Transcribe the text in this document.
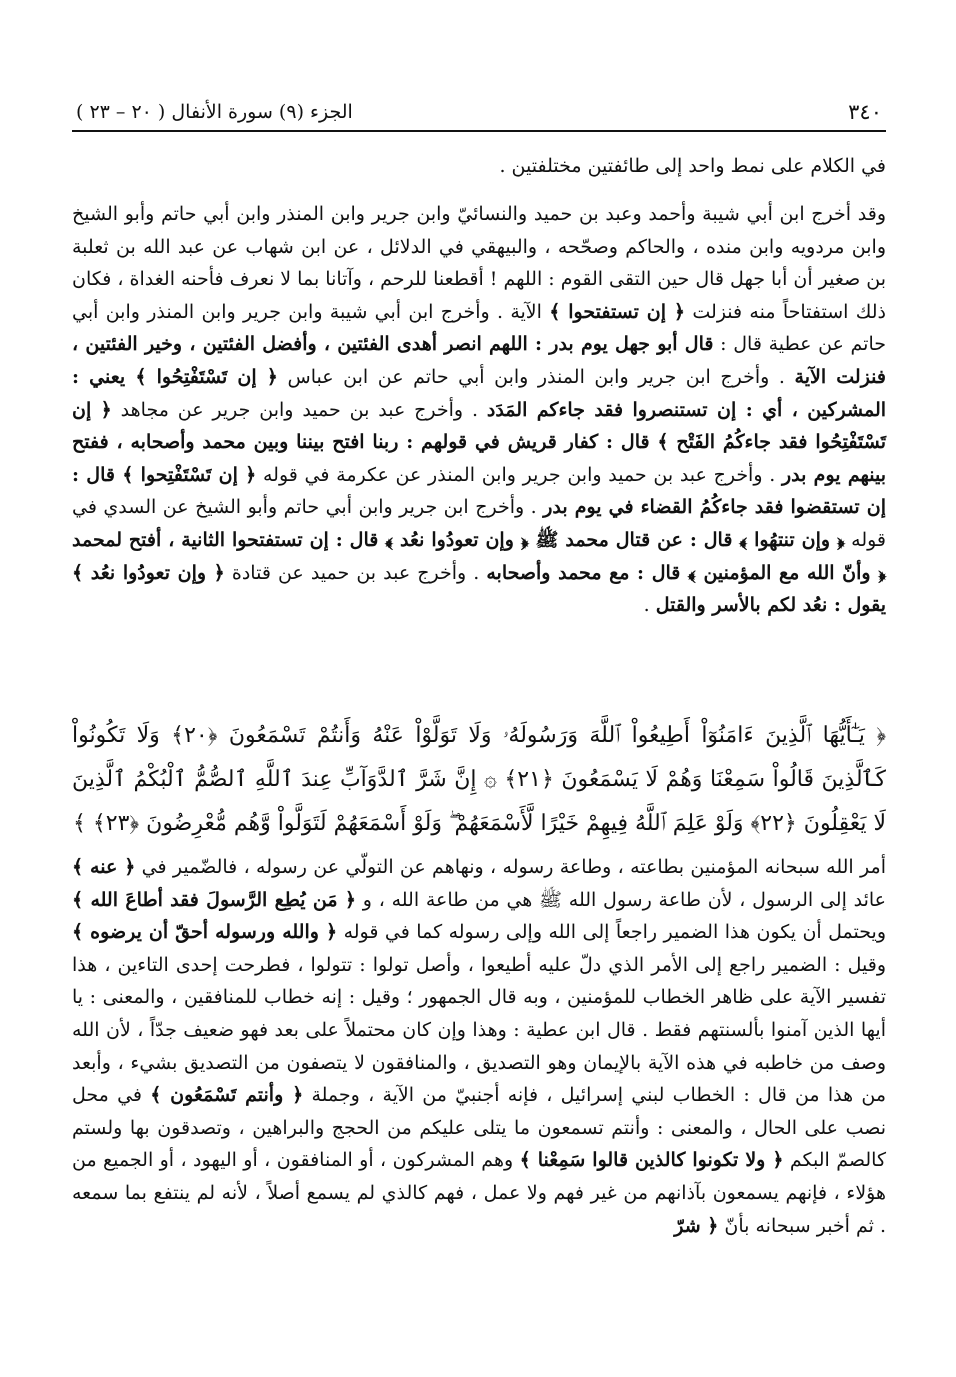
٣٤٠
الجزء (٩) سورة الأنفال ( ٢٠ – ٢٣ )

في الكلام على نمط واحد إلى طائفتين مختلفتين .

وقد أخرج ابن أبي شيبة وأحمد وعبد بن حميد والنسائيّ وابن جرير وابن المنذر وابن أبي حاتم وأبو الشيخ وابن مردويه وابن منده ، والحاكم وصحّحه ، والبيهقي في الدلائل ، عن ابن شهاب عن عبد الله بن ثعلبة بن صغير أن أبا جهل قال حين التقى القوم : اللهم ! أقطعنا للرحم ، وآتانا بما لا نعرف فأحنه الغداة ، فكان ذلك استفتاحاً منه فنزلت ﴿ إن تستفتحوا ﴾ الآية . وأخرج ابن أبي شيبة وابن جرير وابن المنذر وابن أبي حاتم عن عطية قال : قال أبو جهل يوم بدر : اللهم انصر أهدى الفئتين ، وأفضل الفئتين ، وخير الفئتين ، فنزلت الآية . وأخرج ابن جرير وابن المنذر وابن أبي حاتم عن ابن عباس ﴿ إن تَسْتَفْتِحُوا ﴾ يعني : المشركين ، أي : إن تستنصروا فقد جاءكم المَدَد . وأخرج عبد بن حميد وابن جرير عن مجاهد ﴿ إن تَسْتَفْتِحُوا فقد جاءكُمُ الفَتْح ﴾ قال : كفار قريش في قولهم : ربنا افتح بيننا وبين محمد وأصحابه ، ففتح بينهم يوم بدر . وأخرج عبد بن حميد وابن جرير وابن المنذر عن عكرمة في قوله ﴿ إن تَسْتَفْتِحوا ﴾ قال : إن تستقضوا فقد جاءكُمُ القضاء في يوم بدر . وأخرج ابن جرير وابن أبي حاتم وأبو الشيخ عن السدي في قوله ﴿ وإن تنتهُوا ﴾ قال : عن قتال محمد ﷺ ﴿ وإن تعودُوا نعُد ﴾ قال : إن تستفتحوا الثانية ، أفتح لمحمد ﴿ وأنّ الله مع المؤمنين ﴾ قال : مع محمد وأصحابه . وأخرج عبد بن حميد عن قتادة ﴿ وإن تعودُوا نعُد ﴾ يقول : نعُد لكم بالأسر والقتل .

﴿ يَـٰٓأَيُّهَا ٱلَّذِينَ ءَامَنُوٓاْ أَطِيعُواْ ٱللَّهَ وَرَسُولَهُۥ وَلَا تَوَلَّوْاْ عَنْهُ وَأَنتُمْ تَسْمَعُونَ ﴿٢٠﴾ وَلَا تَكُونُواْ كَٱلَّذِينَ قَالُواْ سَمِعْنَا وَهُمْ لَا يَسْمَعُونَ ﴿٢١﴾ ۞ إِنَّ شَرَّ ٱلدَّوَآبِّ عِندَ ٱللَّهِ ٱلصُّمُّ ٱلْبُكْمُ ٱلَّذِينَ لَا يَعْقِلُونَ ﴿٢٢﴾ وَلَوْ عَلِمَ ٱللَّهُ فِيهِمْ خَيْرًا لَّأَسْمَعَهُمْ ۖ وَلَوْ أَسْمَعَهُمْ لَتَوَلَّواْ وَّهُم مُّعْرِضُونَ ﴿٢٣﴾ ﴾

أمر الله سبحانه المؤمنين بطاعته ، وطاعة رسوله ، ونهاهم عن التولّي عن رسوله ، فالضّمير في ﴿ عنه ﴾ عائد إلى الرسول ، لأن طاعة رسول الله ﷺ هي من طاعة الله ، و ﴿ مَن يُطِع الرَّسولَ فقد أطاعَ الله ﴾ ويحتمل أن يكون هذا الضمير راجعاً إلى الله وإلى رسوله كما في قوله ﴿ والله ورسوله أحقّ أن يرضوه ﴾ وقيل : الضمير راجع إلى الأمر الذي دلّ عليه أطيعوا ، وأصل تولوا : تتولوا ، فطرحت إحدى التاءين ، هذا تفسير الآية على ظاهر الخطاب للمؤمنين ، وبه قال الجمهور ؛ وقيل : إنه خطاب للمنافقين ، والمعنى : يا أيها الذين آمنوا بألسنتهم فقط . قال ابن عطية : وهذا وإن كان محتملاً على بعد فهو ضعيف جدّاً ، لأن الله وصف من خاطبه في هذه الآية بالإيمان وهو التصديق ، والمنافقون لا يتصفون من التصديق بشيء ، وأبعد من هذا من قال : الخطاب لبني إسرائيل ، فإنه أجنبيّ من الآية ، وجملة ﴿ وأنتم تَسْمَعُون ﴾ في محل نصب على الحال ، والمعنى : وأنتم تسمعون ما يتلى عليكم من الحجج والبراهين ، وتصدقون بها ولستم كالصمّ البكم ﴿ ولا تكونوا كالذين قالوا سَمِعْنا ﴾ وهم المشركون ، أو المنافقون ، أو اليهود ، أو الجميع من هؤلاء ، فإنهم يسمعون بآذانهم من غير فهم ولا عمل ، فهم كالذي لم يسمع أصلاً ، لأنه لم ينتفع بما سمعه . ثم أخبر سبحانه بأنّ ﴿ شرّ
